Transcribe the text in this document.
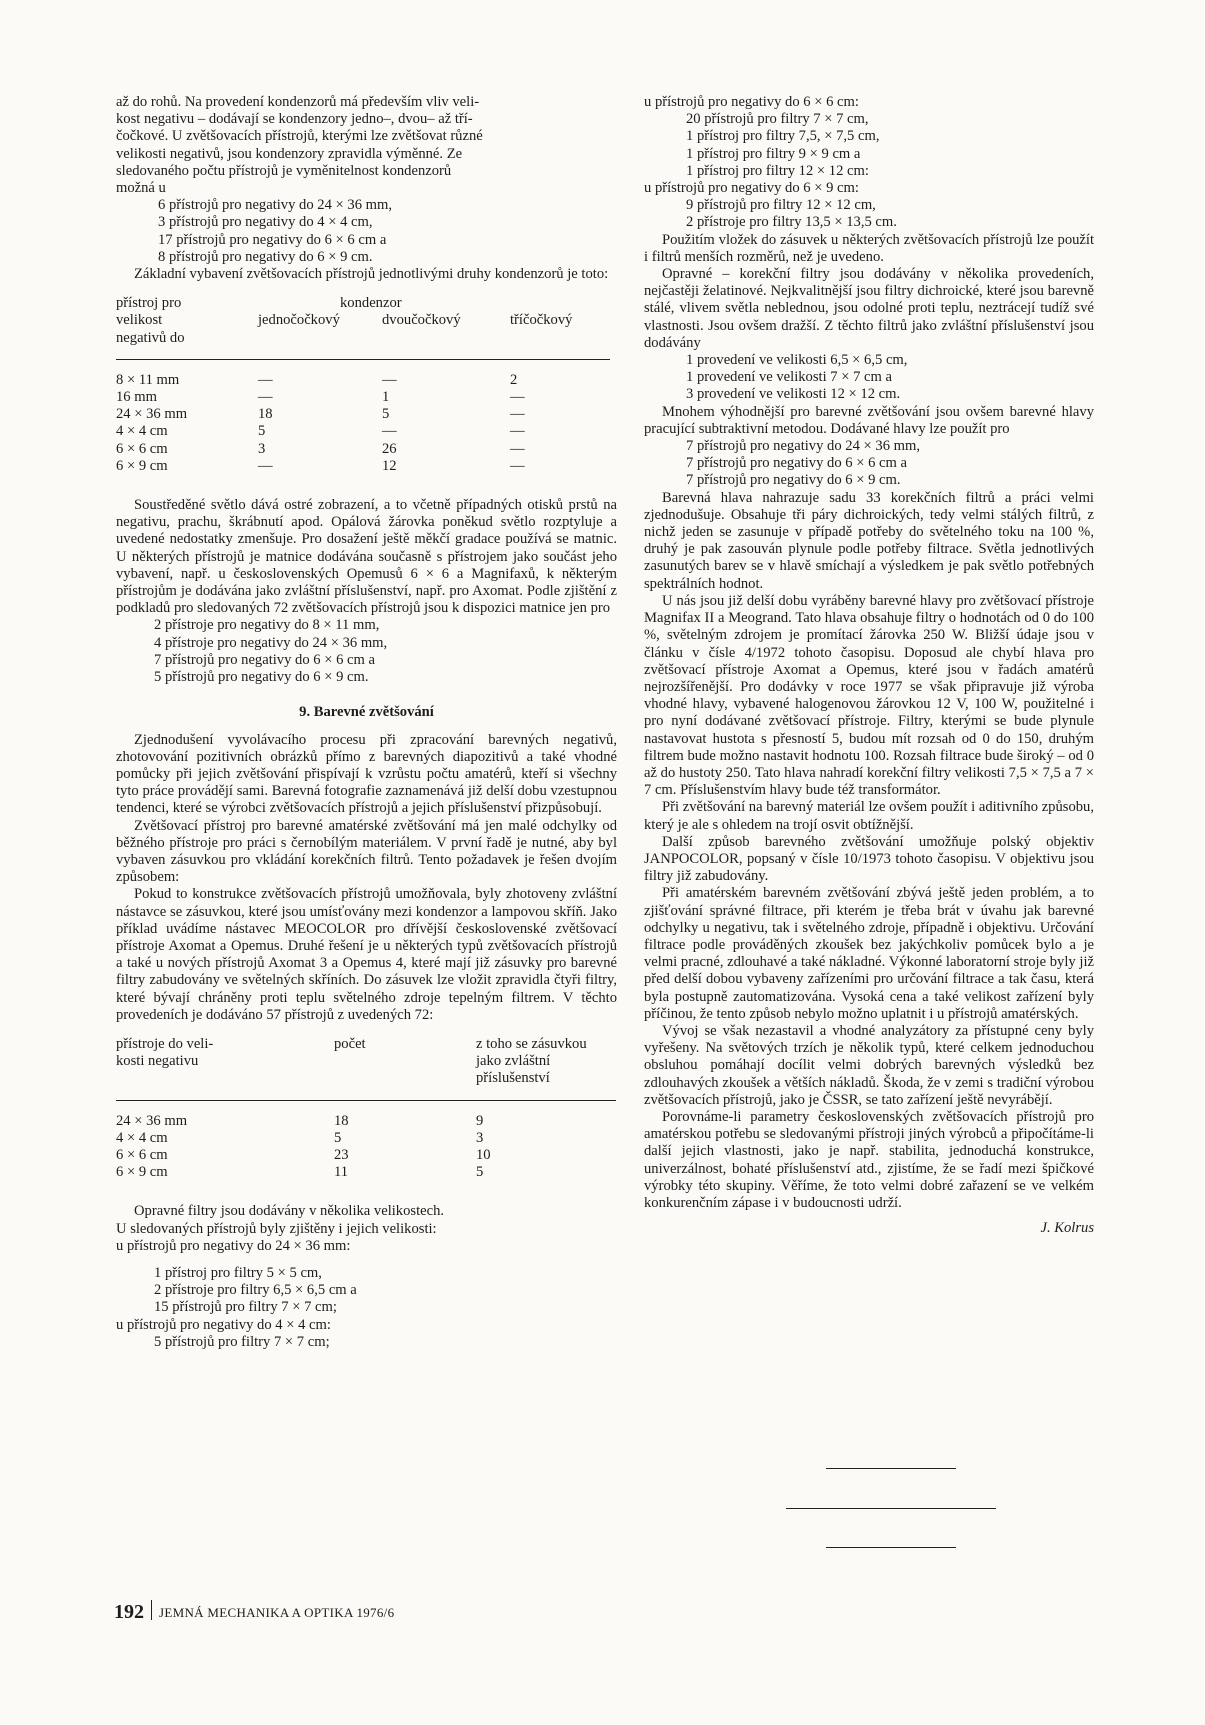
až do rohů. Na provedení kondenzorů má především vliv veli-

kost negativu – dodávají se kondenzory jedno–, dvou– až tří-

čočkové. U zvětšovacích přístrojů, kterými lze zvětšovat různé

velikosti negativů, jsou kondenzory zpravidla výměnné. Ze

sledovaného počtu přístrojů je vyměnitelnost kondenzorů

možná u

6 přístrojů pro negativy do 24 × 36 mm,

3 přístrojů pro negativy do 4 × 4 cm,

17 přístrojů pro negativy do 6 × 6 cm a

8 přístrojů pro negativy do 6 × 9 cm.

Základní vybavení zvětšovacích přístrojů jednotlivými druhy kondenzorů je toto:

přístroj pro		kondenzor	
velikost	jednočočkový	dvoučočkový	tříčočkový
negativů do			
8 × 11 mm	—	—	2
16 mm	—	1	—
24 × 36 mm	18	5	—
4 × 4 cm	5	—	—
6 × 6 cm	3	26	—
6 × 9 cm	—	12	—

Soustředěné světlo dává ostré zobrazení, a to včetně případných otisků prstů na negativu, prachu, škrábnutí apod. Opálová žárovka poněkud světlo rozptyluje a uvedené nedostatky zmenšuje. Pro dosažení ještě měkčí gradace používá se matnic. U některých přístrojů je matnice dodávána současně s přístrojem jako součást jeho vybavení, např. u československých Opemusů 6 × 6 a Magnifaxů, k některým přístrojům je dodávána jako zvláštní příslušenství, např. pro Axomat. Podle zjištění z podkladů pro sledovaných 72 zvětšovacích přístrojů jsou k dispozici matnice jen pro

2 přístroje pro negativy do 8 × 11 mm,

4 přístroje pro negativy do 24 × 36 mm,

7 přístrojů pro negativy do 6 × 6 cm a

5 přístrojů pro negativy do 6 × 9 cm.

9. Barevné zvětšování

Zjednodušení vyvolávacího procesu při zpracování barevných negativů, zhotovování pozitivních obrázků přímo z barevných diapozitivů a také vhodné pomůcky při jejich zvětšování přispívají k vzrůstu počtu amatérů, kteří si všechny tyto práce provádějí sami. Barevná fotografie zaznamenává již delší dobu vzestupnou tendenci, které se výrobci zvětšovacích přístrojů a jejich příslušenství přizpůsobují.

Zvětšovací přístroj pro barevné amatérské zvětšování má jen malé odchylky od běžného přístroje pro práci s černobílým materiálem. V první řadě je nutné, aby byl vybaven zásuvkou pro vkládání korekčních filtrů. Tento požadavek je řešen dvojím způsobem:

Pokud to konstrukce zvětšovacích přístrojů umožňovala, byly zhotoveny zvláštní nástavce se zásuvkou, které jsou umísťovány mezi kondenzor a lampovou skříň. Jako příklad uvádíme nástavec MEOCOLOR pro dřívější československé zvětšovací přístroje Axomat a Opemus. Druhé řešení je u některých typů zvětšovacích přístrojů a také u nových přístrojů Axomat 3 a Opemus 4, které mají již zásuvky pro barevné filtry zabudovány ve světelných skříních. Do zásuvek lze vložit zpravidla čtyři filtry, které bývají chráněny proti teplu světelného zdroje tepelným filtrem. V těchto provedeních je dodáváno 57 přístrojů z uvedených 72:

přístroje do veli-	počet	z toho se zásuvkou
kosti negativu		jako zvláštní
		příslušenství
24 × 36 mm	18	9
4 × 4 cm	5	3
6 × 6 cm	23	10
6 × 9 cm	11	5

Opravné filtry jsou dodávány v několika velikostech.

U sledovaných přístrojů byly zjištěny i jejich velikosti:

u přístrojů pro negativy do 24 × 36 mm:

1 přístroj pro filtry 5 × 5 cm,

2 přístroje pro filtry 6,5 × 6,5 cm a

15 přístrojů pro filtry 7 × 7 cm;

u přístrojů pro negativy do 4 × 4 cm:

5 přístrojů pro filtry 7 × 7 cm;

u přístrojů pro negativy do 6 × 6 cm:

20 přístrojů pro filtry 7 × 7 cm,

1 přístroj pro filtry 7,5, × 7,5 cm,

1 přístroj pro filtry 9 × 9 cm a

1 přístroj pro filtry 12 × 12 cm:

u přístrojů pro negativy do 6 × 9 cm:

9 přístrojů pro filtry 12 × 12 cm,

2 přístroje pro filtry 13,5 × 13,5 cm.

Použitím vložek do zásuvek u některých zvětšovacích přístrojů lze použít i filtrů menších rozměrů, než je uvedeno.

Opravné – korekční filtry jsou dodávány v několika provedeních, nejčastěji želatinové. Nejkvalitnější jsou filtry dichroické, které jsou barevně stálé, vlivem světla neblednou, jsou odolné proti teplu, neztrácejí tudíž své vlastnosti. Jsou ovšem dražší. Z těchto filtrů jako zvláštní příslušenství jsou dodávány

1 provedení ve velikosti 6,5 × 6,5 cm,

1 provedení ve velikosti 7 × 7 cm a

3 provedení ve velikosti 12 × 12 cm.

Mnohem výhodnější pro barevné zvětšování jsou ovšem barevné hlavy pracující subtraktivní metodou. Dodávané hlavy lze použít pro

7 přístrojů pro negativy do 24 × 36 mm,

7 přístrojů pro negativy do 6 × 6 cm a

7 přístrojů pro negativy do 6 × 9 cm.

Barevná hlava nahrazuje sadu 33 korekčních filtrů a práci velmi zjednodušuje. Obsahuje tři páry dichroických, tedy velmi stálých filtrů, z nichž jeden se zasunuje v případě potřeby do světelného toku na 100 %, druhý je pak zasouván plynule podle potřeby filtrace. Světla jednotlivých zasunutých barev se v hlavě smíchají a výsledkem je pak světlo potřebných spektrálních hodnot.

U nás jsou již delší dobu vyráběny barevné hlavy pro zvětšovací přístroje Magnifax II a Meogrand. Tato hlava obsahuje filtry o hodnotách od 0 do 100 %, světelným zdrojem je promítací žárovka 250 W. Bližší údaje jsou v článku v čísle 4/1972 tohoto časopisu. Doposud ale chybí hlava pro zvětšovací přístroje Axomat a Opemus, které jsou v řadách amatérů nejrozšířenější. Pro dodávky v roce 1977 se však připravuje již výroba vhodné hlavy, vybavené halogenovou žárovkou 12 V, 100 W, použitelné i pro nyní dodávané zvětšovací přístroje. Filtry, kterými se bude plynule nastavovat hustota s přesností 5, budou mít rozsah od 0 do 150, druhým filtrem bude možno nastavit hodnotu 100. Rozsah filtrace bude široký – od 0 až do hustoty 250. Tato hlava nahradí korekční filtry velikosti 7,5 × 7,5 a 7 × 7 cm. Příslušenstvím hlavy bude též transformátor.

Při zvětšování na barevný materiál lze ovšem použít i aditivního způsobu, který je ale s ohledem na trojí osvit obtížnější.

Další způsob barevného zvětšování umožňuje polský objektiv JANPOCOLOR, popsaný v čísle 10/1973 tohoto časopisu. V objektivu jsou filtry již zabudovány.

Při amatérském barevném zvětšování zbývá ještě jeden problém, a to zjišťování správné filtrace, při kterém je třeba brát v úvahu jak barevné odchylky u negativu, tak i světelného zdroje, případně i objektivu. Určování filtrace podle prováděných zkoušek bez jakýchkoliv pomůcek bylo a je velmi pracné, zdlouhavé a také nákladné. Výkonné laboratorní stroje byly již před delší dobou vybaveny zařízeními pro určování filtrace a tak času, která byla postupně zautomatizována. Vysoká cena a také velikost zařízení byly příčinou, že tento způsob nebylo možno uplatnit i u přístrojů amatérských.

Vývoj se však nezastavil a vhodné analyzátory za přístupné ceny byly vyřešeny. Na světových trzích je několik typů, které celkem jednoduchou obsluhou pomáhají docílit velmi dobrých barevných výsledků bez zdlouhavých zkoušek a větších nákladů. Škoda, že v zemi s tradiční výrobou zvětšovacích přístrojů, jako je ČSSR, se tato zařízení ještě nevyrábějí.

Porovnáme-li parametry československých zvětšovacích přístrojů pro amatérskou potřebu se sledovanými přístroji jiných výrobců a připočítáme-li další jejich vlastnosti, jako je např. stabilita, jednoduchá konstrukce, univerzálnost, bohaté příslušenství atd., zjistíme, že se řadí mezi špičkové výrobky této skupiny. Věříme, že toto velmi dobré zařazení se ve velkém konkurenčním zápase i v budoucnosti udrží.

J. Kolrus

192 JEMNÁ MECHANIKA A OPTIKA 1976/6
